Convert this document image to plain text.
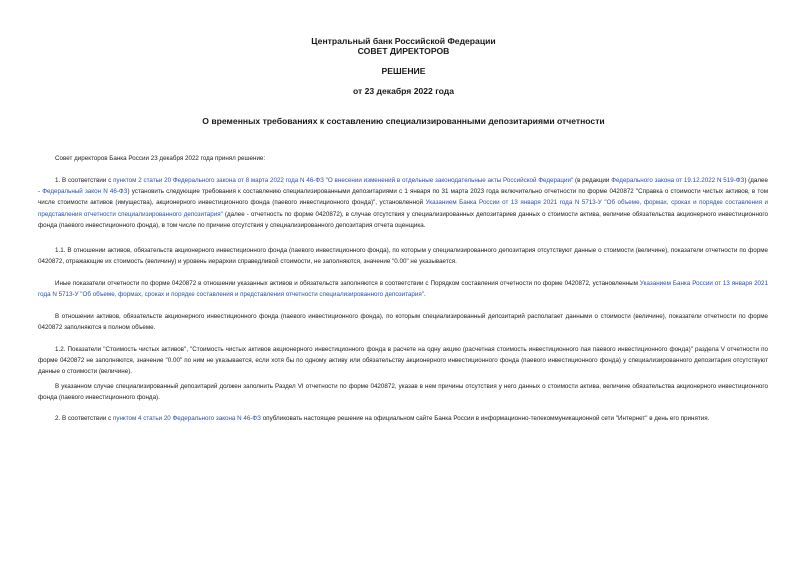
Центральный банк Российской Федерации
СОВЕТ ДИРЕКТОРОВ
РЕШЕНИЕ
от 23 декабря 2022 года
О временных требованиях к составлению специализированными депозитариями отчетности
Совет директоров Банка России 23 декабря 2022 года принял решение:
1. В соответствии с пунктом 2 статьи 20 Федерального закона от 8 марта 2022 года N 46-ФЗ "О внесении изменений в отдельные законодательные акты Российской Федерации" (в редакции Федерального закона от 19.12.2022 N 519-ФЗ) (далее - Федеральный закон N 46-ФЗ) установить следующие требования к составлению специализированными депозитариями с 1 января по 31 марта 2023 года включительно отчетности по форме 0420872 "Справка о стоимости чистых активов, в том числе стоимости активов (имущества), акционерного инвестиционного фонда (паевого инвестиционного фонда)", установленной Указанием Банка России от 13 января 2021 года N 5713-У "Об объеме, формах, сроках и порядке составления и представления отчетности специализированного депозитария" (далее - отчетность по форме 0420872), в случае отсутствия у специализированных депозитариев данных о стоимости актива, величине обязательства акционерного инвестиционного фонда (паевого инвестиционного фонда), в том числе по причине отсутствия у специализированного депозитария отчета оценщика.
1.1. В отношении активов, обязательств акционерного инвестиционного фонда (паевого инвестиционного фонда), по которым у специализированного депозитария отсутствуют данные о стоимости (величине), показатели отчетности по форме 0420872, отражающие их стоимость (величину) и уровень иерархии справедливой стоимости, не заполняются, значение "0.00" не указывается.
Иные показатели отчетности по форме 0420872 в отношении указанных активов и обязательств заполняются в соответствии с Порядком составления отчетности по форме 0420872, установленным Указанием Банка России от 13 января 2021 года N 5713-У "Об объеме, формах, сроках и порядке составления и представления отчетности специализированного депозитария".
В отношении активов, обязательств акционерного инвестиционного фонда (паевого инвестиционного фонда), по которым специализированный депозитарий располагает данными о стоимости (величине), показатели отчетности по форме 0420872 заполняются в полном объеме.
1.2. Показатели "Стоимость чистых активов", "Стоимость чистых активов акционерного инвестиционного фонда в расчете на одну акцию (расчетная стоимость инвестиционного пая паевого инвестиционного фонда)" раздела V отчетности по форме 0420872 не заполняются, значение "0.00" по ним не указывается, если хотя бы по одному активу или обязательству акционерного инвестиционного фонда (паевого инвестиционного фонда) у специализированного депозитария отсутствуют данные о стоимости (величине).
В указанном случае специализированный депозитарий должен заполнить Раздел VI отчетности по форме 0420872, указав в нем причины отсутствия у него данных о стоимости актива, величине обязательства акционерного инвестиционного фонда (паевого инвестиционного фонда).
2. В соответствии с пунктом 4 статьи 20 Федерального закона N 46-ФЗ опубликовать настоящее решение на официальном сайте Банка России в информационно-телекоммуникационной сети "Интернет" в день его принятия.
